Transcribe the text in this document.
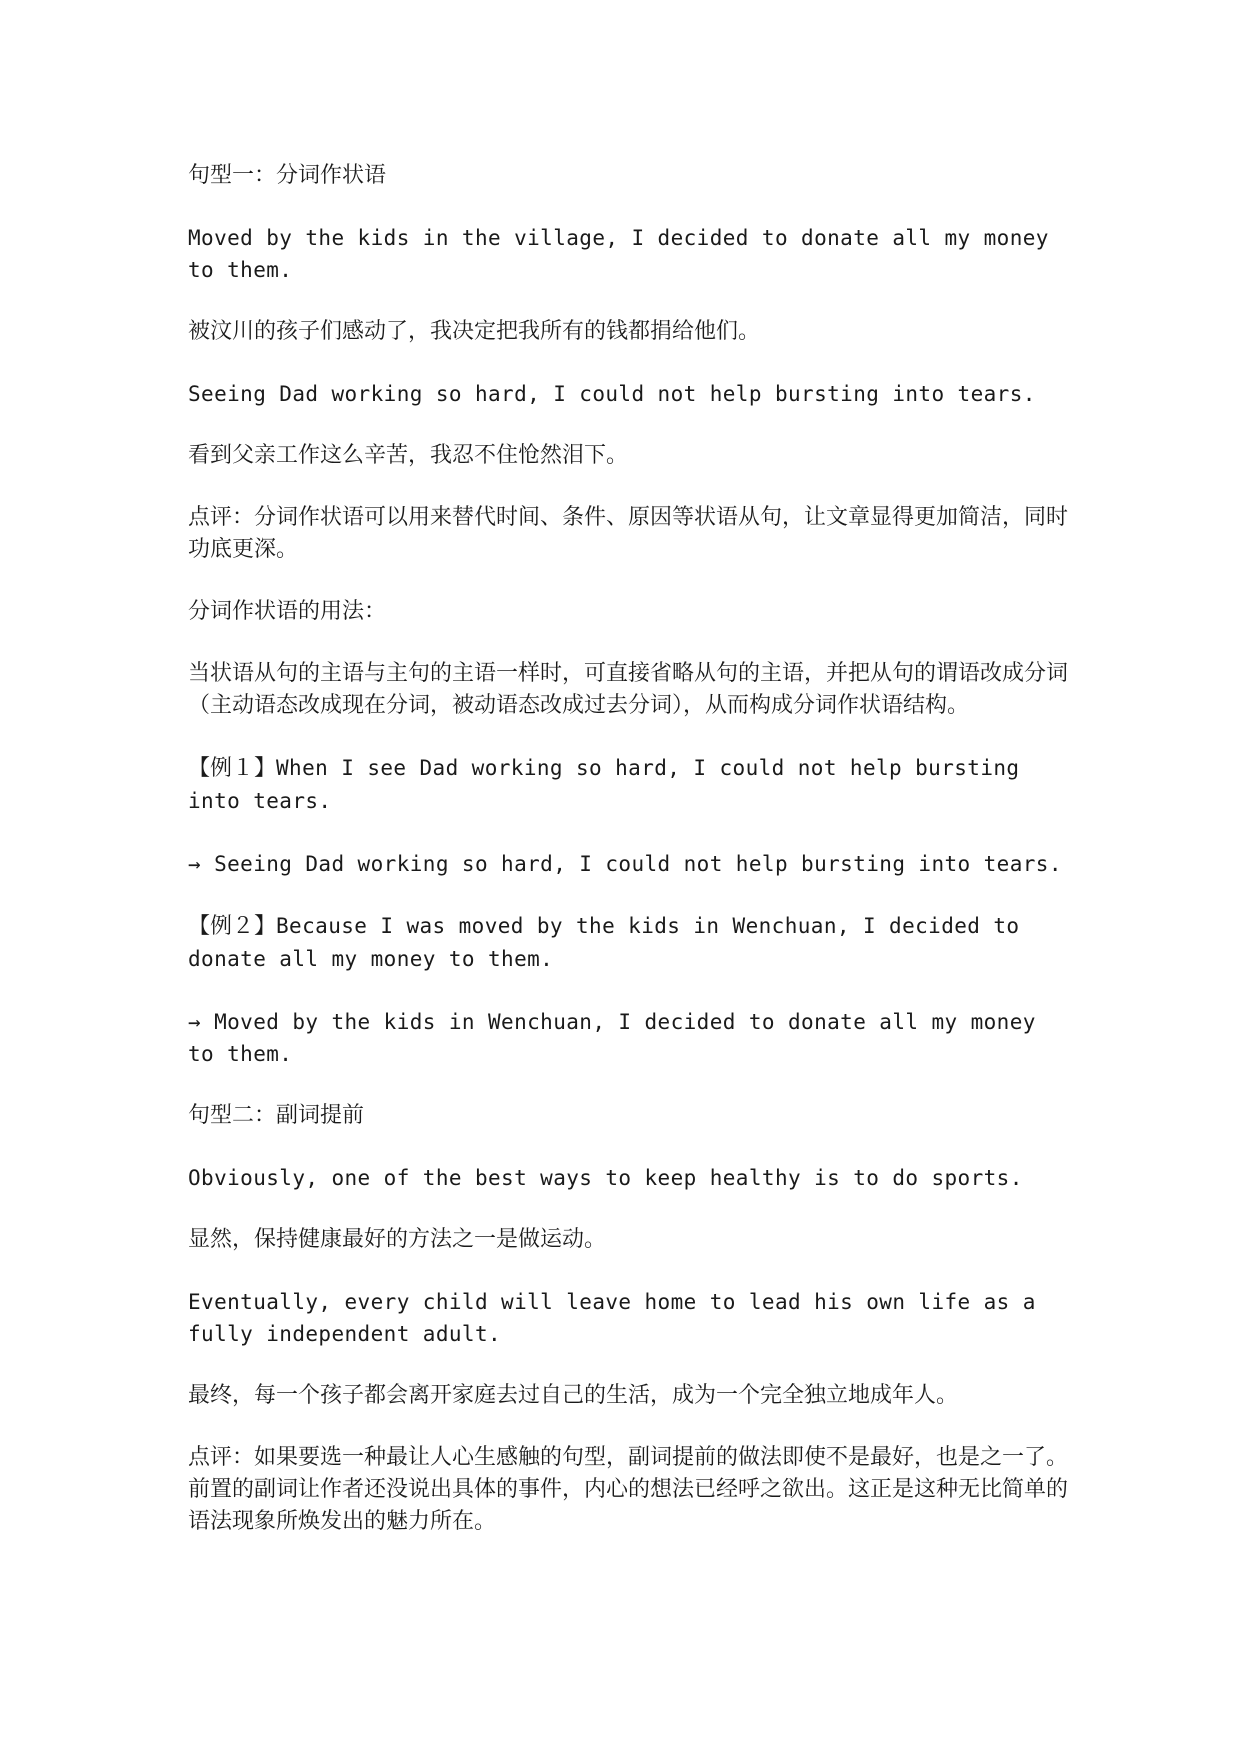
句型一：分词作状语

Moved by the kids in the village, I decided to donate all my money to them.

被汶川的孩子们感动了，我决定把我所有的钱都捐给他们。

Seeing Dad working so hard, I could not help bursting into tears.

看到父亲工作这么辛苦，我忍不住怆然泪下。

点评：分词作状语可以用来替代时间、条件、原因等状语从句，让文章显得更加简洁，同时功底更深。

分词作状语的用法：

当状语从句的主语与主句的主语一样时，可直接省略从句的主语，并把从句的谓语改成分词（主动语态改成现在分词，被动语态改成过去分词），从而构成分词作状语结构。

【例１】When I see Dad working so hard, I could not help bursting into tears.

→ Seeing Dad working so hard, I could not help bursting into tears.

【例２】Because I was moved by the kids in Wenchuan, I decided to donate all my money to them.

→ Moved by the kids in Wenchuan, I decided to donate all my money to them.

句型二：副词提前

Obviously, one of the best ways to keep healthy is to do sports.

显然，保持健康最好的方法之一是做运动。

Eventually, every child will leave home to lead his own life as a fully independent adult.

最终，每一个孩子都会离开家庭去过自己的生活，成为一个完全独立地成年人。

点评：如果要选一种最让人心生感触的句型，副词提前的做法即使不是最好，也是之一了。前置的副词让作者还没说出具体的事件，内心的想法已经呼之欲出。这正是这种无比简单的语法现象所焕发出的魅力所在。
